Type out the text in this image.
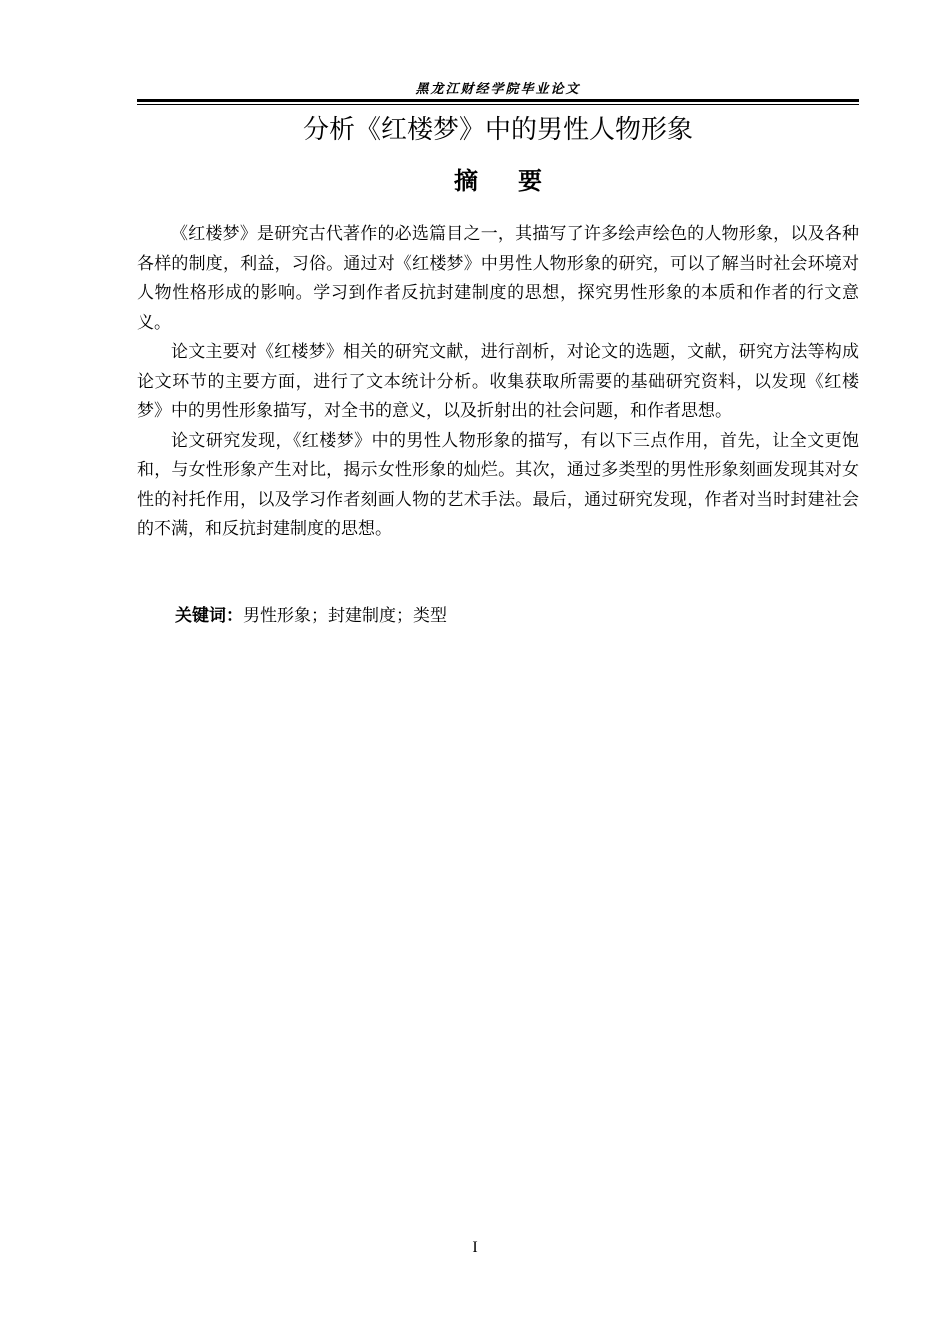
黑龙江财经学院毕业论文
分析《红楼梦》中的男性人物形象
摘要

《红楼梦》是研究古代著作的必选篇目之一，其描写了许多绘声绘色的人物形象，以及各种各样的制度，利益，习俗。通过对《红楼梦》中男性人物形象的研究，可以了解当时社会环境对人物性格形成的影响。学习到作者反抗封建制度的思想，探究男性形象的本质和作者的行文意义。

论文主要对《红楼梦》相关的研究文献，进行剖析，对论文的选题，文献，研究方法等构成论文环节的主要方面，进行了文本统计分析。收集获取所需要的基础研究资料，以发现《红楼梦》中的男性形象描写，对全书的意义，以及折射出的社会问题，和作者思想。

论文研究发现，《红楼梦》中的男性人物形象的描写，有以下三点作用，首先，让全文更饱和，与女性形象产生对比，揭示女性形象的灿烂。其次，通过多类型的男性形象刻画发现其对女性的衬托作用，以及学习作者刻画人物的艺术手法。最后，通过研究发现，作者对当时封建社会的不满，和反抗封建制度的思想。

关键词：男性形象；封建制度；类型
I
